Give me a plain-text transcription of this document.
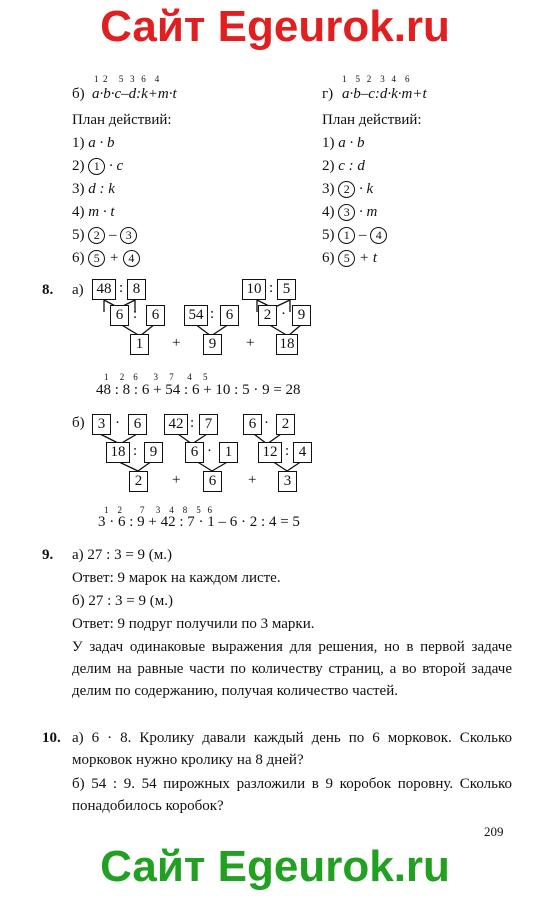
Сайт Egeurok.ru
1  2     5   3   6    4
б) a·b·c–d:k+m·t
План действий:
1) a · b
2) 1 · c
3) d : k
4) m · t
5) 2 – 3
6) 5 + 4
1    5   2    3   4    6
г) a·b–c:d·k·m+t
План действий:
1) a · b
2) c : d
3) 2 · k
4) 3 · m
5) 1 – 4
6) 5 + t
8. а) 48 : 8	10 : 5
6 : 6	54 : 6	2 · 9
1	+	9	+ 18
3 · 6	42 : 7	6 · 2
18 : 9	6 · 1	12 : 4
2	+	6	+	3
1     2    6       3     7      4     5
48 : 8 : 6 + 54 : 6 + 10 : 5 · 9 = 28
б)
1    2        7     3    4    8    5   6
3 · 6 : 9 + 42 : 7 · 1 – 6 · 2 : 4 = 5
9. а) 27 : 3 = 9 (м.)
Ответ: 9 марок на каждом листе.
б) 27 : 3 = 9 (м.)
Ответ: 9 подруг получили по 3 марки.
У задач одинаковые выражения для решения, но в первой задаче делим на равные части по количеству страниц, а во второй задаче делим по содержанию, получая количество частей.
10. а) 6 · 8. Кролику давали каждый день по 6 морковок. Сколько морковок нужно кролику на 8 дней?
б) 54 : 9. 54 пирожных разложили в 9 коробок поровну. Сколько понадобилось коробок?
209
Сайт Egeurok.ru
